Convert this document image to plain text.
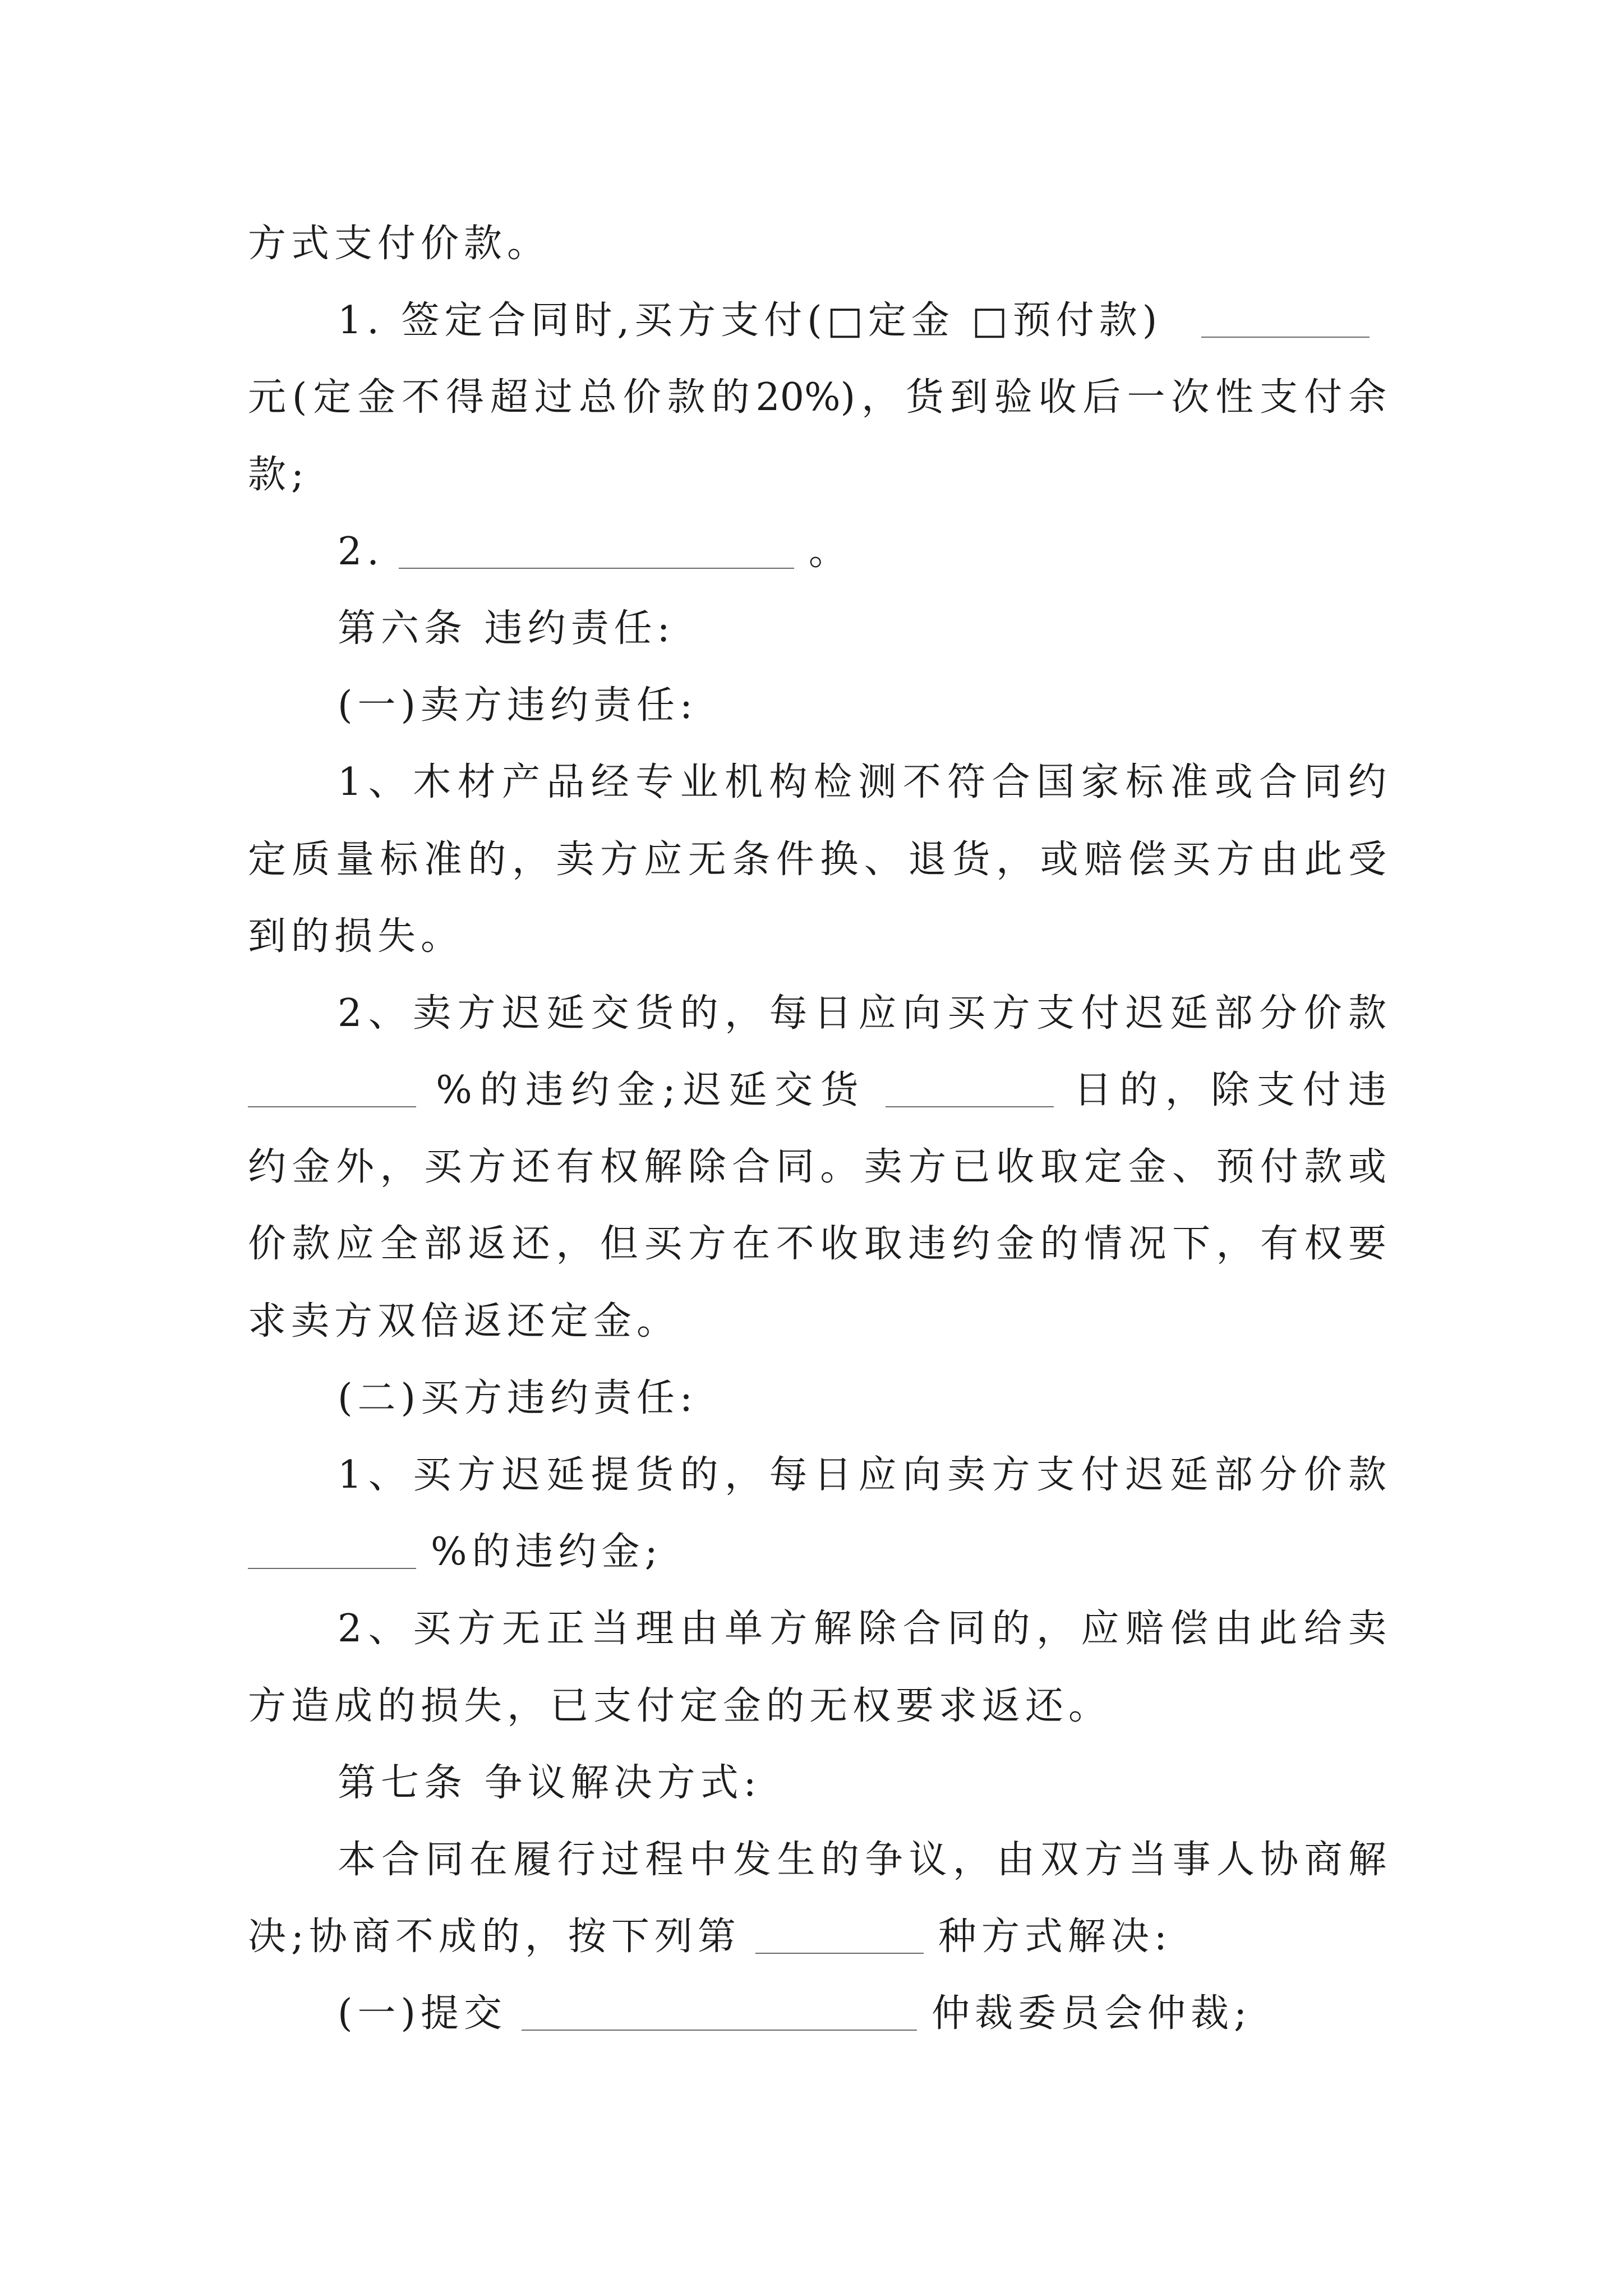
方式支付价款。
1. 签定合同时,买方支付(□定金 □预付款)
元(定金不得超过总价款的20%)，货到验收后一次性支付余
款;
2.	。
第六条 违约责任:
(一)卖方违约责任:
1、木材产品经专业机构检测不符合国家标准或合同约
定质量标准的，卖方应无条件换、退货，或赔偿买方由此受
到的损失。
2、卖方迟延交货的，每日应向买方支付迟延部分价款
%的违约金;迟延交货	日的，除支付违
约金外，买方还有权解除合同。卖方已收取定金、预付款或
价款应全部返还，但买方在不收取违约金的情况下，有权要
求卖方双倍返还定金。
(二)买方违约责任:
1、买方迟延提货的，每日应向卖方支付迟延部分价款
%的违约金;
2、买方无正当理由单方解除合同的，应赔偿由此给卖
方造成的损失，已支付定金的无权要求返还。
第七条 争议解决方式:
本合同在履行过程中发生的争议，由双方当事人协商解
决;协商不成的，按下列第	种方式解决:
(一)提交	仲裁委员会仲裁;
